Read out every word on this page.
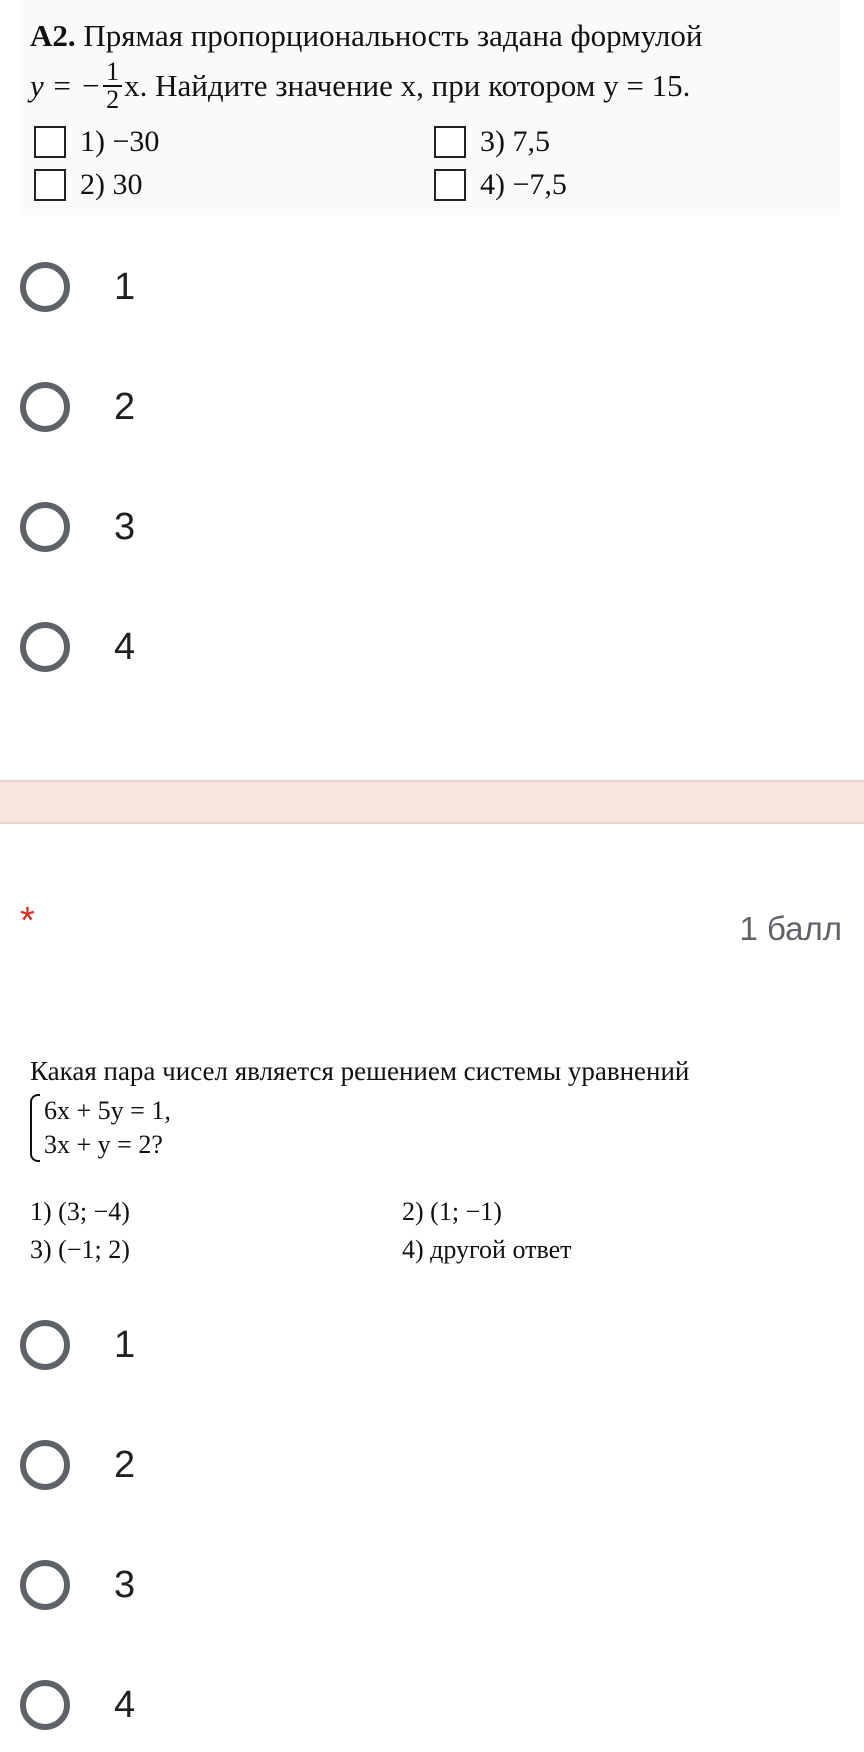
A2. Прямая пропорциональность задана формулой
y = − $\frac{1}{2} x$. Найдите значение x, при котором y = 15.
1) −30	3) 7,5
2) 30	4) −7,5
1
2
3
4
*	1 балл
Какая пара чисел является решением системы уравнений
6x + 5y = 1,
3x + y = 2?
1) (3; −4)	2) (1; −1)
3) (−1; 2)	4) другой ответ
1
2
3
4
